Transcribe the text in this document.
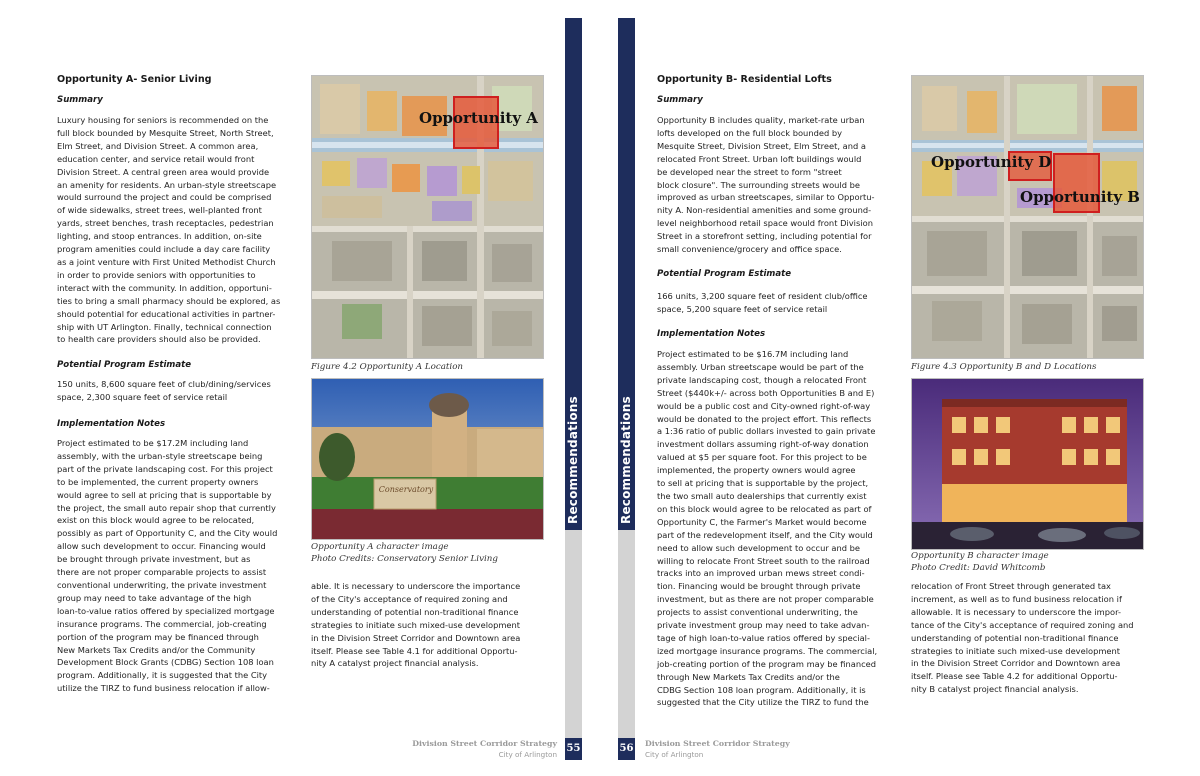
Opportunity A- Senior Living
Summary
Luxury housing for seniors is recommended on the
full block bounded by Mesquite Street, North Street,
Elm Street, and Division Street. A common area,
education center, and service retail would front
Division Street. A central green area would provide
an amenity for residents. An urban-style streetscape
would surround the project and could be comprised
of wide sidewalks, street trees, well-planted front
yards, street benches, trash receptacles, pedestrian
lighting, and stoop entrances. In addition, on-site
program amenities could include a day care facility
as a joint venture with First United Methodist Church
in order to provide seniors with opportunities to
interact with the community. In addition, opportuni-
ties to bring a small pharmacy should be explored, as
should potential for educational activities in partner-
ship with UT Arlington. Finally, technical connection
to health care providers should also be provided.
Potential Program Estimate
150 units, 8,600 square feet of club/dining/services
space, 2,300 square feet of service retail
Implementation Notes
Project estimated to be $17.2M including land
assembly, with the urban-style streetscape being
part of the private landscaping cost. For this project
to be implemented, the current property owners
would agree to sell at pricing that is supportable by
the project, the small auto repair shop that currently
exist on this block would agree to be relocated,
possibly as part of Opportunity C, and the City would
allow such development to occur. Financing would
be brought through private investment, but as
there are not proper comparable projects to assist
conventional underwriting, the private investment
group may need to take advantage of the high
loan-to-value ratios offered by specialized mortgage
insurance programs. The commercial, job-creating
portion of the program may be financed through
New Markets Tax Credits and/or the Community
Development Block Grants (CDBG) Section 108 loan
program. Additionally, it is suggested that the City
utilize the TIRZ to fund business relocation if allow-
Opportunity A
Figure 4.2 Opportunity A Location
Conservatory
Opportunity A character image
Photo Credits: Conservatory Senior Living
able. It is necessary to underscore the importance
of the City's acceptance of required zoning and
understanding of potential non-traditional finance
strategies to initiate such mixed-use development
in the Division Street Corridor and Downtown area
itself. Please see Table 4.1 for additional Opportu-
nity A catalyst project financial analysis.
55
Recommendations
Division Street Corridor Strategy
City of Arlington
56
Recommendations
Division Street Corridor Strategy
City of Arlington
Opportunity B- Residential Lofts
Summary
Opportunity B includes quality, market-rate urban
lofts developed on the full block bounded by
Mesquite Street, Division Street, Elm Street, and a
relocated Front Street. Urban loft buildings would
be developed near the street to form "street
block closure". The surrounding streets would be
improved as urban streetscapes, similar to Opportu-
nity A. Non-residential amenities and some ground-
level neighborhood retail space would front Division
Street in a storefront setting, including potential for
small convenience/grocery and office space.
Potential Program Estimate
166 units, 3,200 square feet of resident club/office
space, 5,200 square feet of service retail
Implementation Notes
Project estimated to be $16.7M including land
assembly. Urban streetscape would be part of the
private landscaping cost, though a relocated Front
Street ($440k+/- across both Opportunities B and E)
would be a public cost and City-owned right-of-way
would be donated to the project effort. This reflects
a 1:36 ratio of public dollars invested to gain private
investment dollars assuming right-of-way donation
valued at $5 per square foot. For this project to be
implemented, the property owners would agree
to sell at pricing that is supportable by the project,
the two small auto dealerships that currently exist
on this block would agree to be relocated as part of
Opportunity C, the Farmer's Market would become
part of the redevelopment itself, and the City would
need to allow such development to occur and be
willing to relocate Front Street south to the railroad
tracks into an improved urban mews street condi-
tion. Financing would be brought through private
investment, but as there are not proper comparable
projects to assist conventional underwriting, the
private investment group may need to take advan-
tage of high loan-to-value ratios offered by special-
ized mortgage insurance programs. The commercial,
job-creating portion of the program may be financed
through New Markets Tax Credits and/or the
CDBG Section 108 loan program. Additionally, it is
suggested that the City utilize the TIRZ to fund the
Opportunity D
Opportunity B
Figure 4.3 Opportunity B and D Locations
Opportunity B character image
Photo Credit: David Whitcomb
relocation of Front Street through generated tax
increment, as well as to fund business relocation if
allowable. It is necessary to underscore the impor-
tance of the City's acceptance of required zoning and
understanding of potential non-traditional finance
strategies to initiate such mixed-use development
in the Division Street Corridor and Downtown area
itself. Please see Table 4.2 for additional Opportu-
nity B catalyst project financial analysis.
